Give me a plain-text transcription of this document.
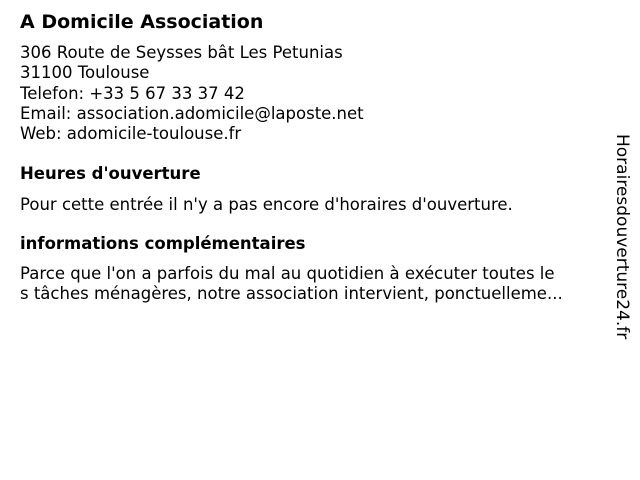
A Domicile Association
306 Route de Seysses bât Les Petunias
31100 Toulouse
Telefon: +33 5 67 33 37 42
Email: association.adomicile@laposte.net
Web: adomicile-toulouse.fr
Heures d'ouverture
Pour cette entrée il n'y a pas encore d'horaires d'ouverture.
informations complémentaires
Parce que l'on a parfois du mal au quotidien à exécuter toutes le
s tâches ménagères, notre association intervient, ponctuelleme...	Horairesdouverture24.fr
